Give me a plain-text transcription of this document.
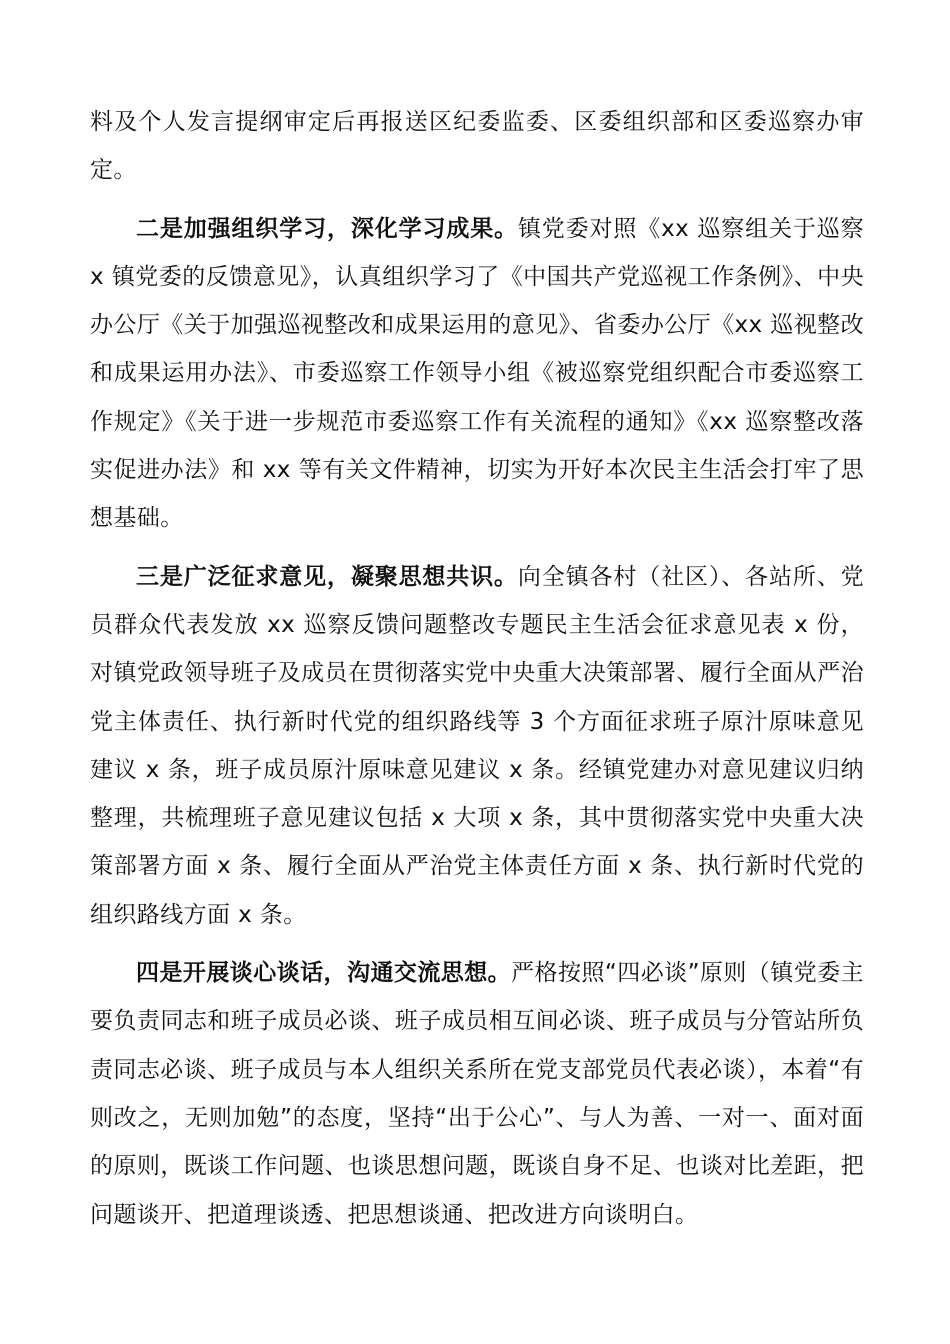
料及个人发言提纲审定后再报送区纪委监委、区委组织部和区委巡察办审定。

二是加强组织学习，深化学习成果。镇党委对照《xx 巡察组关于巡察 x 镇党委的反馈意见》，认真组织学习了《中国共产党巡视工作条例》、中央办公厅《关于加强巡视整改和成果运用的意见》、省委办公厅《xx 巡视整改和成果运用办法》、市委巡察工作领导小组《被巡察党组织配合市委巡察工作规定》《关于进一步规范市委巡察工作有关流程的通知》《xx 巡察整改落实促进办法》和 xx 等有关文件精神，切实为开好本次民主生活会打牢了思想基础。

三是广泛征求意见，凝聚思想共识。向全镇各村（社区）、各站所、党员群众代表发放 xx 巡察反馈问题整改专题民主生活会征求意见表 x 份，对镇党政领导班子及成员在贯彻落实党中央重大决策部署、履行全面从严治党主体责任、执行新时代党的组织路线等 3 个方面征求班子原汁原味意见建议 x 条，班子成员原汁原味意见建议 x 条。经镇党建办对意见建议归纳整理，共梳理班子意见建议包括 x 大项 x 条，其中贯彻落实党中央重大决策部署方面 x 条、履行全面从严治党主体责任方面 x 条、执行新时代党的组织路线方面 x 条。

四是开展谈心谈话，沟通交流思想。严格按照“四必谈”原则（镇党委主要负责同志和班子成员必谈、班子成员相互间必谈、班子成员与分管站所负责同志必谈、班子成员与本人组织关系所在党支部党员代表必谈），本着“有则改之，无则加勉”的态度，坚持“出于公心”、与人为善、一对一、面对面的原则，既谈工作问题、也谈思想问题，既谈自身不足、也谈对比差距，把问题谈开、把道理谈透、把思想谈通、把改进方向谈明白。
